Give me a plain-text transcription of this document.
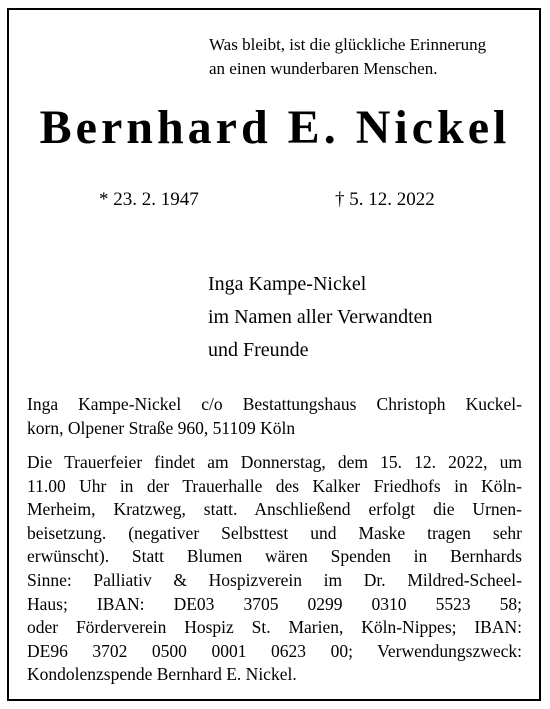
Was bleibt, ist die glückliche Erinnerung
an einen wunderbaren Menschen.
Bernhard E. Nickel
* 23. 2. 1947	† 5. 12. 2022
Inga Kampe-Nickel
im Namen aller Verwandten
und Freunde
Inga Kampe-Nickel c/o Bestattungshaus Christoph Kuckel-
korn, Olpener Straße 960, 51109 Köln
Die Trauerfeier findet am Donnerstag, dem 15. 12. 2022, um
11.00 Uhr in der Trauerhalle des Kalker Friedhofs in Köln-
Merheim, Kratzweg, statt. Anschließend erfolgt die Urnen-
beisetzung. (negativer Selbsttest und Maske tragen sehr
erwünscht). Statt Blumen wären Spenden in Bernhards
Sinne: Palliativ & Hospizverein im Dr. Mildred-Scheel-
Haus; IBAN: DE03 3705 0299 0310 5523 58;
oder Förderverein Hospiz St. Marien, Köln-Nippes; IBAN:
DE96 3702 0500 0001 0623 00; Verwendungszweck:
Kondolenzspende Bernhard E. Nickel.
